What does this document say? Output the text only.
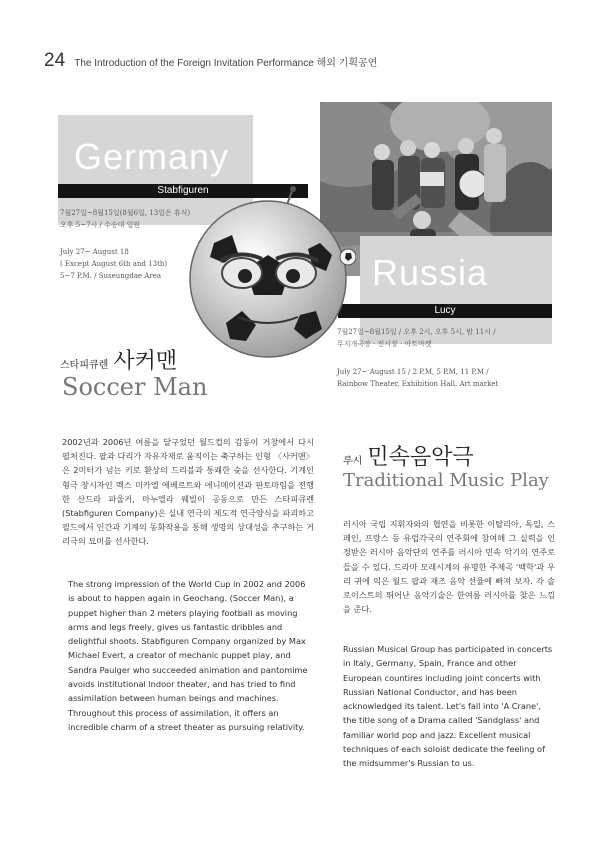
24 The Introduction of the Foreign Invitation Performance 해외 기획공연
Germany
Stabfiguren
7월27일~8월15일(8월6일, 13일은 휴식)
오후 5~7시 / 수승대 일원
July 27~ August 18
( Except August 6th and 13th)
5~7 P.M. / Suseungdae Area	Russia
Lucy
7월27일~8월15일 / 오후 2시, 오후 5시, 밤 11시 /
무지개극장 · 전시장 · 아트마켓
July 27~ August 15 / 2 P.M, 5 P.M, 11 P.M /
Rainbow Theater, Exhibition Hall, Art market
스타피큐렌 사커맨
Soccer Man
루시 민속음악극
Traditional Music Play
2002년과 2006년 여름을 달구었던 월드컵의 감동이 거창에서 다시 펼쳐진다. 팔과 다리가 자유자재로 움직이는 축구하는 인형 〈사커맨〉은 2미터가 넘는 키로 환상의 드리블과 통쾌한 슛을 선사한다. 기계인형극 창시자인 멕스 미카엘 에베르트와 애니메이션과 판토마임을 전행한 산드라 파울거, 마누엘라 웨빌이 공동으로 만든 스타피큐렌(Stabfiguren Company)은 실내 연극의 제도적 연극양식을 파괴하고 필드에서 인간과 기계의 동화작용을 통해 생명의 상대성을 추구하는 거리극의 묘미를 선사한다.
The strong impression of the World Cup in 2002 and 2006 is about to happen again in Geochang. (Soccer Man), a puppet higher than 2 meters playing football as moving arms and legs freely, gives us fantastic dribbles and delightful shoots. Stabfiguren Company organized by Max Michael Evert, a creator of mechanic puppet play, and Sandra Paulger who succeeded animation and pantomime avoids institutional indoor theater, and has tried to find assimilation between human beings and machines. Throughout this process of assimilation, it offers an incredible charm of a street theater as pursuing relativity.
러시아 국립 지휘자와의 협연을 비롯한 이탈리아, 독일, 스페인, 프랑스 등 유럽각국의 연주회에 참여해 그 실력을 인정받은 러시아 음악단의 연주를 러시아 민속 악기의 연주로 들을 수 있다. 드라마 모래시계의 유명한 주제곡 '백학'과 우리 귀에 익은 월드 팝과 재즈 음악 선율에 빠져 보자. 각 솔로이스트의 뛰어난 음악기술은 한여름 러시아를 찾은 느낌을 준다.
Russian Musical Group has participated in concerts in Italy, Germany, Spain, France and other European countires including joint concerts with Russian National Conductor, and has been acknowledged its talent. Let's fall into 'A Crane', the title song of a Drama called 'Sandglass' and familiar world pop and jazz. Excellent musical techniques of each soloist dedicate the feeling of the midsummer's Russian to us.
